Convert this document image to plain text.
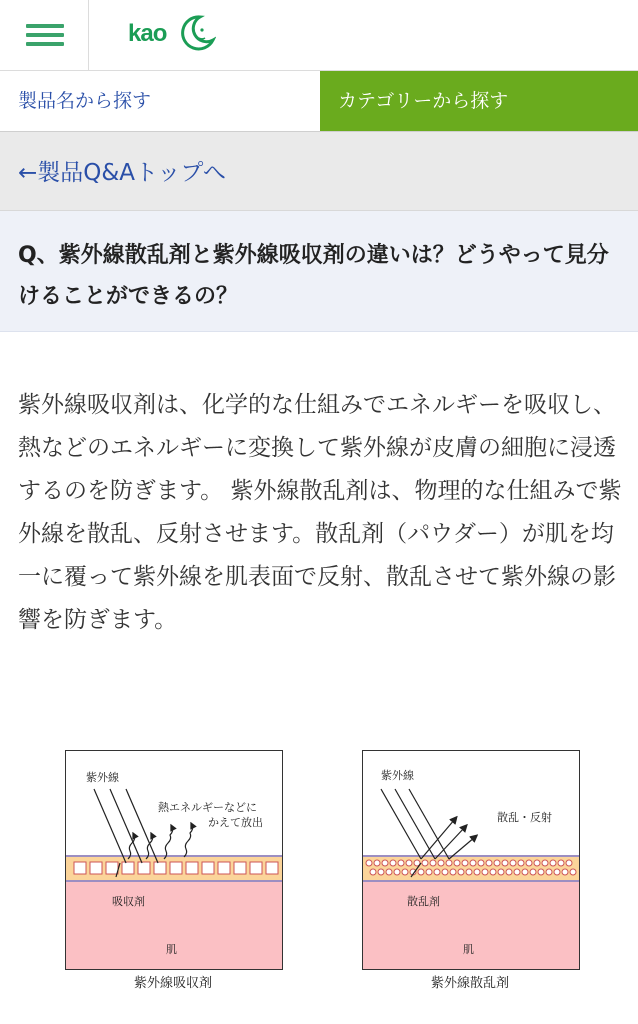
kao
製品名から探す	カテゴリーから探す
←製品Q&Aトップへ
Q、紫外線散乱剤と紫外線吸収剤の違いは？どうやって見分けることができるの？
紫外線吸収剤は、化学的な仕組みでエネルギーを吸収し、熱などのエネルギーに変換して紫外線が皮膚の細胞に浸透するのを防ぎます。 紫外線散乱剤は、物理的な仕組みで紫外線を散乱、反射させます。散乱剤（パウダー）が肌を均一に覆って紫外線を肌表面で反射、散乱させて紫外線の影響を防ぎます。
紫外線
熱エネルギーなどに
かえて放出
吸収剤
肌
紫外線吸収剤
紫外線
散乱・反射
散乱剤
肌
紫外線散乱剤
